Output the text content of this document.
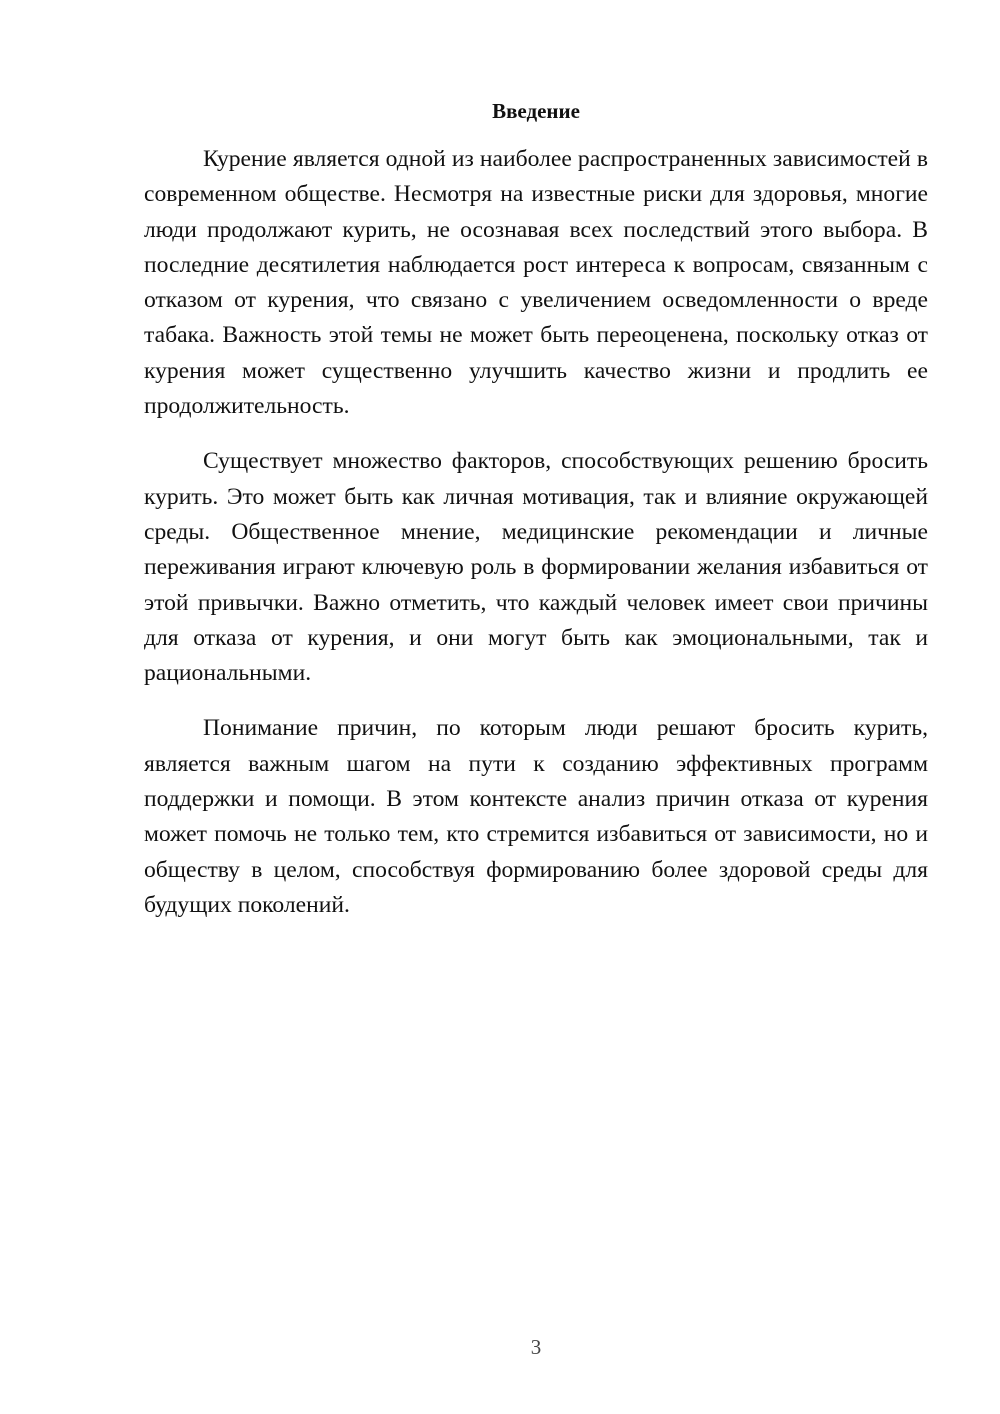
Введение

Курение является одной из наиболее распространенных зависимостей в современном обществе. Несмотря на известные риски для здоровья, многие люди продолжают курить, не осознавая всех последствий этого выбора. В последние десятилетия наблюдается рост интереса к вопросам, связанным с отказом от курения, что связано с увеличением осведомленности о вреде табака. Важность этой темы не может быть переоценена, поскольку отказ от курения может существенно улучшить качество жизни и продлить ее продолжительность.

Существует множество факторов, способствующих решению бросить курить. Это может быть как личная мотивация, так и влияние окружающей среды. Общественное мнение, медицинские рекомендации и личные переживания играют ключевую роль в формировании желания избавиться от этой привычки. Важно отметить, что каждый человек имеет свои причины для отказа от курения, и они могут быть как эмоциональными, так и рациональными.

Понимание причин, по которым люди решают бросить курить, является важным шагом на пути к созданию эффективных программ поддержки и помощи. В этом контексте анализ причин отказа от курения может помочь не только тем, кто стремится избавиться от зависимости, но и обществу в целом, способствуя формированию более здоровой среды для будущих поколений.

3
